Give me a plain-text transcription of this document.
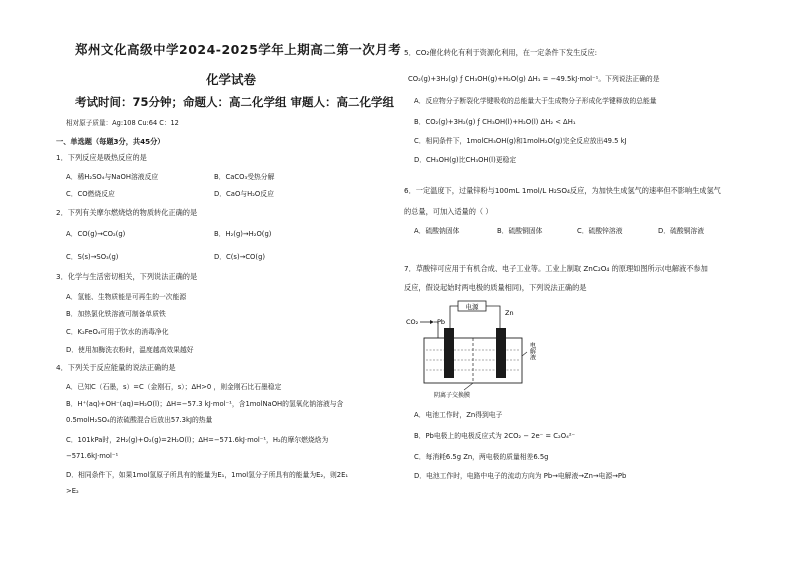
郑州文化高级中学2024-2025学年上期高二第一次月考
化学试卷
考试时间：75分钟；命题人：高二化学组 审题人：高二化学组
相对原子质量：Ag:108 Cu:64 C：12
一、单选题（每题3分，共45分）
1．下列反应是吸热反应的是
A．稀H₂SO₄与NaOH溶液反应	B．CaCO₃受热分解
C．CO燃烧反应	D．CaO与H₂O反应
2．下列有关摩尔燃烧焓的物质转化正确的是
A．CO(g)→CO₂(g)	B．H₂(g)→H₂O(g)
C．S(s)→SO₃(g)	D．C(s)→CO(g)
3．化学与生活密切相关，下列说法正确的是
A．氢能、生物质能是可再生的一次能源
B．加热氯化铁溶液可制备单质铁
C．K₂FeO₄可用于饮水的消毒净化
D．使用加酶洗衣粉时，温度越高效果越好
4．下列关于反应能量的说法正确的是
A．已知C（石墨，s）=C（金刚石，s）；ΔH>0 ，则金刚石比石墨稳定
B．H⁺(aq)+OH⁻(aq)=H₂O(l)；ΔH=−57.3 kJ·mol⁻¹，含1molNaOH的氢氧化钠溶液与含
0.5molH₂SO₄的浓硫酸混合后放出57.3kJ的热量
C．101kPa时，2H₂(g)+O₂(g)=2H₂O(l)；ΔH=−571.6kJ·mol⁻¹，H₂的摩尔燃烧焓为
−571.6kJ·mol⁻¹
D．相同条件下，如果1mol氢原子所具有的能量为E₁，1mol氢分子所具有的能量为E₂，则2E₁
>E₂
5．CO₂催化转化有利于资源化利用，在一定条件下发生反应:
CO₂(g)+3H₂(g) ƒ CH₃OH(g)+H₂O(g) ΔH₁ = −49.5kJ·mol⁻¹。下列说法正确的是
A．反应物分子断裂化学键吸收的总能量大于生成物分子形成化学键释放的总能量
B．CO₂(g)+3H₂(g) ƒ CH₃OH(l)+H₂O(l) ΔH₂ < ΔH₁
C．相同条件下，1molCH₃OH(g)和1molH₂O(g)完全反应放出49.5 kJ
D．CH₃OH(g)比CH₃OH(l)更稳定
6．一定温度下，过量锌粉与100mL 1mol/L H₂SO₄反应，为加快生成氢气的速率但不影响生成氢气
的总量，可加入适量的（ ）
A．硫酸钠固体	B．硫酸铜固体	C．硫酸锌溶液	D．硫酸铜溶液
7．草酸锌可应用于有机合成、电子工业等。工业上制取 ZnC₂O₄ 的原理如图所示(电解液不参加
反应，假设起始时两电极的质量相同)，下列说法正确的是
电源
CO₂	Pb
Zn
电解液
阴离子交换膜
A．电池工作时，Zn得到电子
B．Pb电极上的电极反应式为 2CO₂ − 2e⁻ = C₂O₄²⁻
C．每消耗6.5g Zn，两电极的质量相差6.5g
D．电池工作时，电路中电子的流动方向为 Pb→电解液→Zn→电源→Pb
